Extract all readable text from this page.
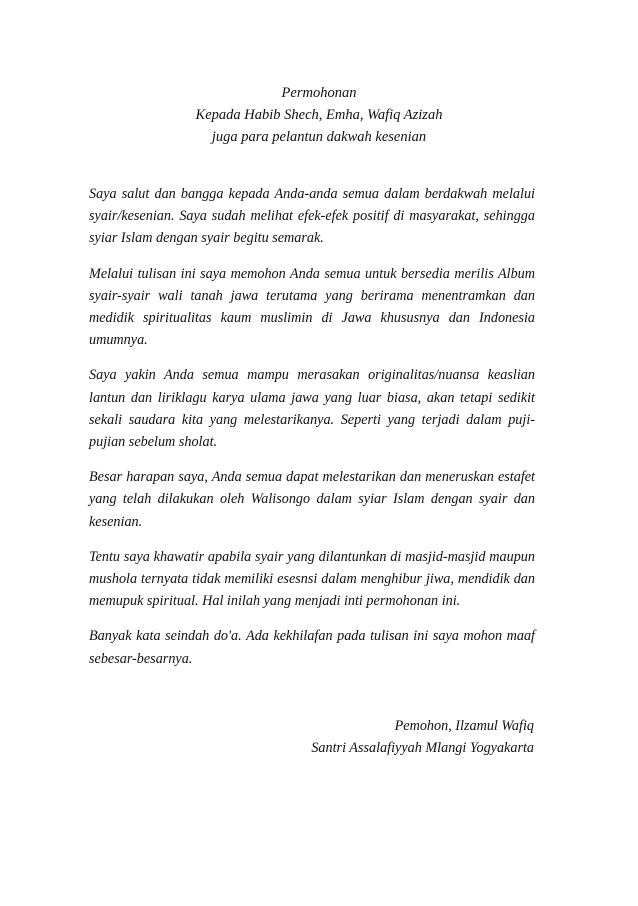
Permohonan
Kepada Habib Shech, Emha, Wafiq Azizah
juga para pelantun dakwah kesenian

Saya salut dan bangga kepada Anda-anda semua dalam berdakwah melalui syair/kesenian. Saya sudah melihat efek-efek positif di masyarakat, sehingga syiar Islam dengan syair begitu semarak.

Melalui tulisan ini saya memohon Anda semua untuk bersedia merilis Album syair-syair wali tanah jawa terutama yang berirama menentramkan dan medidik spiritualitas kaum muslimin di Jawa khususnya dan Indonesia umumnya.

Saya yakin Anda semua mampu merasakan originalitas/nuansa keaslian lantun dan liriklagu karya ulama jawa yang luar biasa, akan tetapi sedikit sekali saudara kita yang melestarikanya. Seperti yang terjadi dalam puji-pujian sebelum sholat.

Besar harapan saya, Anda semua dapat melestarikan dan meneruskan estafet yang telah dilakukan oleh Walisongo dalam syiar Islam dengan syair dan kesenian.

Tentu saya khawatir apabila syair yang dilantunkan di masjid-masjid maupun mushola ternyata tidak memiliki esesnsi dalam menghibur jiwa, mendidik dan memupuk spiritual. Hal inilah yang menjadi inti permohonan ini.

Banyak kata seindah do'a. Ada kekhilafan pada tulisan ini saya mohon maaf sebesar-besarnya.

Pemohon, Ilzamul Wafiq
Santri Assalafiyyah Mlangi Yogyakarta
